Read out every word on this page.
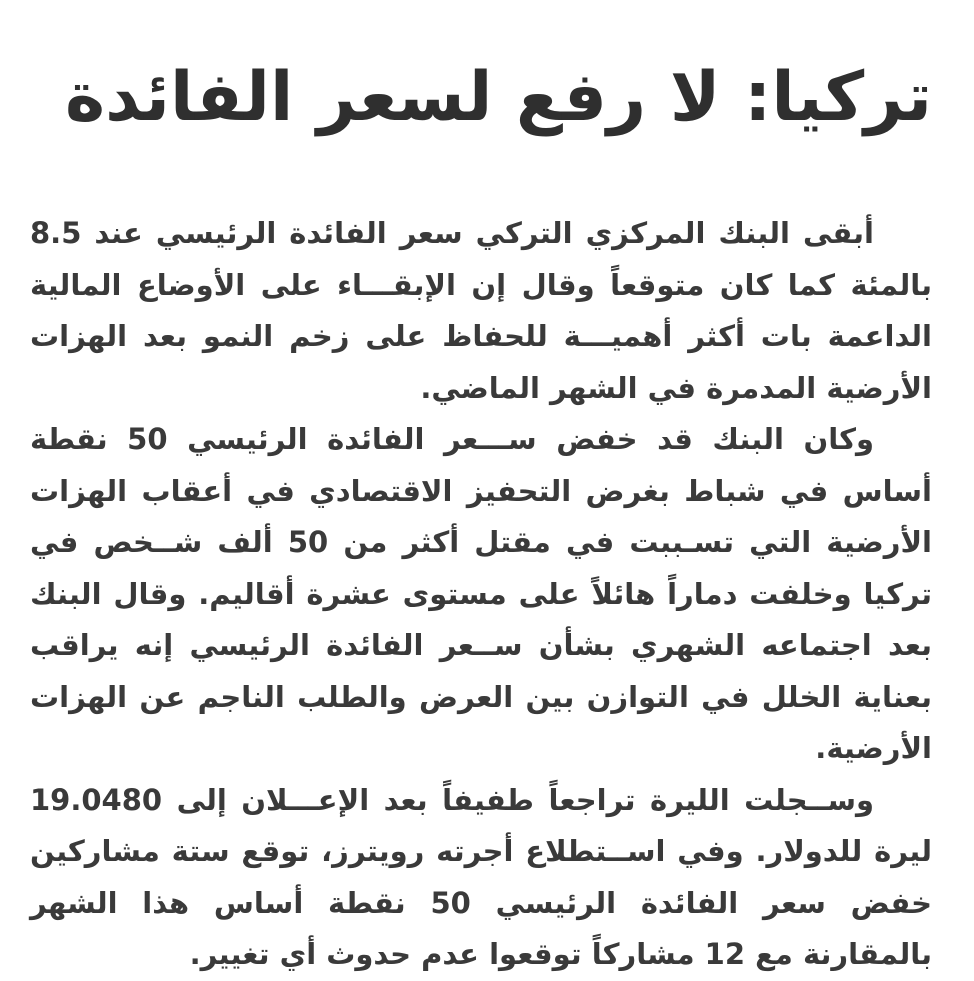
تركيا: لا رفع لسعر الفائدة

أبقى البنك المركزي التركي سعر الفائدة الرئيسي عند 8.5 بالمئة كما كان متوقعاً وقال إن الإبقـــاء على الأوضاع المالية الداعمة بات أكثر أهميـــة للحفاظ على زخم النمو بعد الهزات الأرضية المدمرة في الشهر الماضي.

وكان البنك قد خفض ســـعر الفائدة الرئيسي 50 نقطة أساس في شباط بغرض التحفيز الاقتصادي في أعقاب الهزات الأرضية التي تسـببت في مقتل أكثر من 50 ألف شــخص في تركيا وخلفت دماراً هائلاً على مستوى عشرة أقاليم. وقال البنك بعد اجتماعه الشهري بشأن ســعر الفائدة الرئيسي إنه يراقب بعناية الخلل في التوازن بين العرض والطلب الناجم عن الهزات الأرضية.

وســجلت الليرة تراجعاً طفيفاً بعد الإعـــلان إلى 19.0480 ليرة للدولار. وفي اســتطلاع أجرته رويترز، توقع ستة مشاركين خفض سعر الفائدة الرئيسي 50 نقطة أساس هذا الشهر بالمقارنة مع 12 مشاركاً توقعوا عدم حدوث أي تغيير.
